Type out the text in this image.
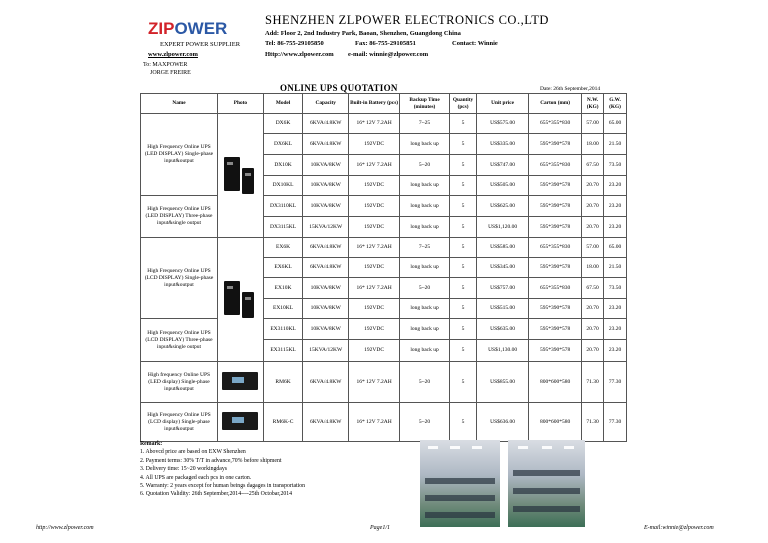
ZIPOWER
EXPERT POWER SUPPLIER
www.zlpower.com
SHENZHEN ZLPOWER ELECTRONICS CO.,LTD
Add: Floor 2, 2nd Industry Park, Baoan, Shenzhen, Guangdong China
Tel: 86-755-29105850	Fax: 86-755-29105851	Contact: Winnie
Http://www.zlpower.com e-mail: winnie@zlpower.com
To: MAXPOWER
JORGE FREIRE
ONLINE UPS QUOTATION	Date: 26th September,2014
Name	Photo	Model	Capacity	Built-in Battery (pcs)	Backup Time (minutes)	Quantity (pcs)	Unit price	Carton (mm)	N.W. (KG)	G.W. (KG)
High Frequency Online UPS (LED DISPLAY) Single-phase input&output		DX6K	6KVA/4.8KW	16* 12V 7.2AH	7~25	5	US$575.00	655*355*830	57.00	65.00
		DX6KL	6KVA/4.8KW	192VDC	long back up	5	US$335.00	595*390*578	18.00	21.50
		DX10K	10KVA/8KW	16* 12V 7.2AH	5~20	5	US$747.00	655*355*830	67.50	73.50
		DX10KL	10KVA/8KW	192VDC	long back up	5	US$505.00	595*390*578	20.70	23.20
High Frequency Online UPS (LED DISPLAY) Three-phase input&single output		DX3110KL	10KVA/8KW	192VDC	long back up	5	US$625.00	595*390*578	20.70	23.20
		DX3115KL	15KVA/12KW	192VDC	long back up	5	US$1,120.00	595*390*578	20.70	23.20
High Frequency Online UPS (LCD DISPLAY) Single-phase input&output		EX6K	6KVA/4.8KW	16* 12V 7.2AH	7~25	5	US$585.00	655*355*830	57.00	65.00
		EX6KL	6KVA/4.8KW	192VDC	long back up	5	US$345.00	595*390*578	18.00	21.50
		EX10K	10KVA/8KW	16* 12V 7.2AH	5~20	5	US$757.00	655*355*830	67.50	73.50
		EX10KL	10KVA/8KW	192VDC	long back up	5	US$515.00	595*390*578	20.70	23.20
High Frequency Online UPS (LCD DISPLAY) Three-phase input&single output		EX3110KL	10KVA/8KW	192VDC	long back up	5	US$635.00	595*390*578	20.70	23.20
		EX3115KL	15KVA/12KW	192VDC	long back up	5	US$1,130.00	595*390*578	20.70	23.20
High frequency Online UPS (LED display) Single-phase input&output		RM6K	6KVA/4.8KW	16* 12V 7.2AH	5~20	5	US$855.00	800*600*580	71.30	77.30
High Frequency Online UPS (LCD display) Single-phase input&output		RM6K-C	6KVA/4.8KW	16* 12V 7.2AH	5~20	5	US$636.00	800*600*580	71.30	77.30
Remark:
1. Abovcd price are based on EXW Shenzhen
2. Payment terms: 30% T/T in advance,70% before shipment
3. Delivery time: 15~20 workingdays
4. All UPS are packaged each pcs in one carton.
5. Warranty: 2 years except for human beings dagages in transportation
6. Quotation Validity: 26th September,2014----25th Octobar,2014
http://www.zlpower.com	Page1/1	E-mail:winnie@zlpower.com
